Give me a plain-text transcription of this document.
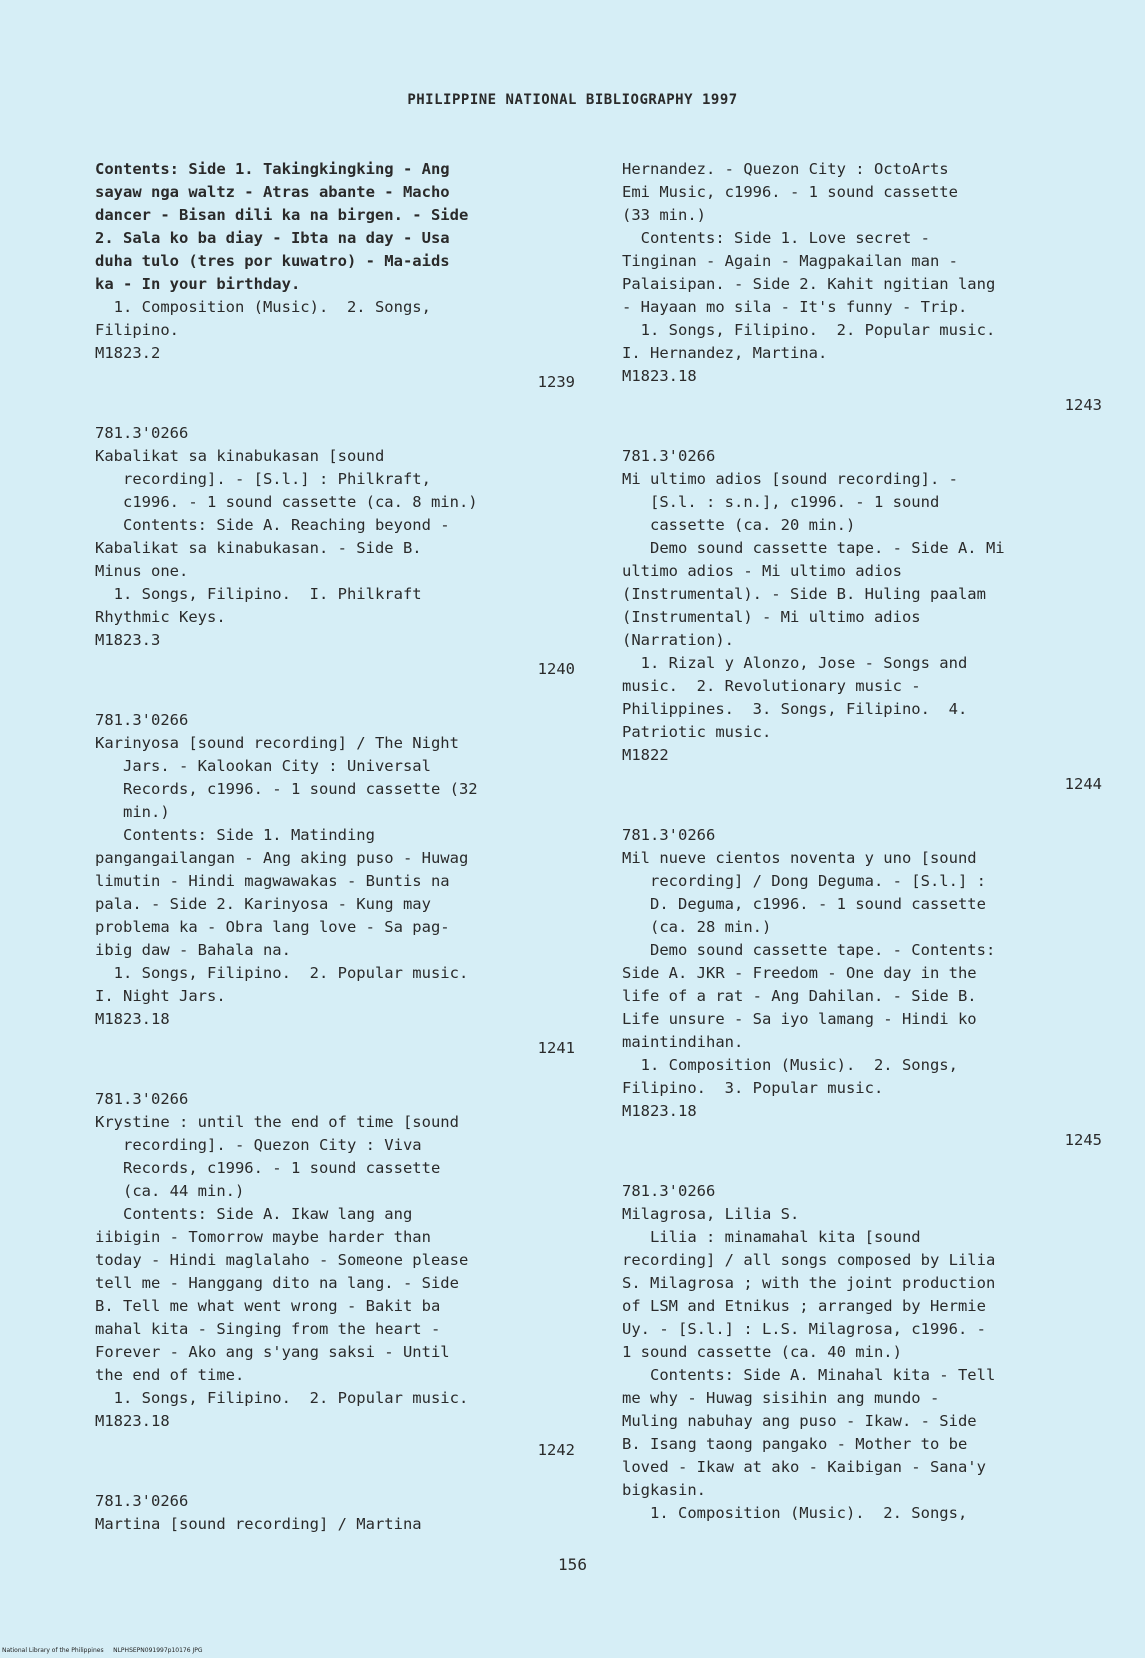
PHILIPPINE NATIONAL BIBLIOGRAPHY 1997
Contents: Side 1. Takingkingking - Ang
sayaw nga waltz - Atras abante - Macho
dancer - Bisan dili ka na birgen. - Side
2. Sala ko ba diay - Ibta na day - Usa
duha tulo (tres por kuwatro) - Ma-aids
ka - In your birthday.
1. Composition (Music).  2. Songs,
Filipino.
M1823.2
1239
781.3'0266
Kabalikat sa kinabukasan [sound
recording]. - [S.l.] : Philkraft,
c1996. - 1 sound cassette (ca. 8 min.)
Contents: Side A. Reaching beyond -
Kabalikat sa kinabukasan. - Side B.
Minus one.
1. Songs, Filipino.  I. Philkraft
Rhythmic Keys.
M1823.3
1240
781.3'0266
Karinyosa [sound recording] / The Night
Jars. - Kalookan City : Universal
Records, c1996. - 1 sound cassette (32
min.)
Contents: Side 1. Matinding
pangangailangan - Ang aking puso - Huwag
limutin - Hindi magwawakas - Buntis na
pala. - Side 2. Karinyosa - Kung may
problema ka - Obra lang love - Sa pag-
ibig daw - Bahala na.
1. Songs, Filipino.  2. Popular music.
I. Night Jars.
M1823.18
1241
781.3'0266
Krystine : until the end of time [sound
recording]. - Quezon City : Viva
Records, c1996. - 1 sound cassette
(ca. 44 min.)
Contents: Side A. Ikaw lang ang
iibigin - Tomorrow maybe harder than
today - Hindi maglalaho - Someone please
tell me - Hanggang dito na lang. - Side
B. Tell me what went wrong - Bakit ba
mahal kita - Singing from the heart -
Forever - Ako ang s'yang saksi - Until
the end of time.
1. Songs, Filipino.  2. Popular music.
M1823.18
1242
781.3'0266
Martina [sound recording] / Martina
Hernandez. - Quezon City : OctoArts
Emi Music, c1996. - 1 sound cassette
(33 min.)
Contents: Side 1. Love secret -
Tinginan - Again - Magpakailan man -
Palaisipan. - Side 2. Kahit ngitian lang
- Hayaan mo sila - It's funny - Trip.
1. Songs, Filipino.  2. Popular music.
I. Hernandez, Martina.
M1823.18
1243
781.3'0266
Mi ultimo adios [sound recording]. -
[S.l. : s.n.], c1996. - 1 sound
cassette (ca. 20 min.)
Demo sound cassette tape. - Side A. Mi
ultimo adios - Mi ultimo adios
(Instrumental). - Side B. Huling paalam
(Instrumental) - Mi ultimo adios
(Narration).
1. Rizal y Alonzo, Jose - Songs and
music.  2. Revolutionary music -
Philippines.  3. Songs, Filipino.  4.
Patriotic music.
M1822
1244
781.3'0266
Mil nueve cientos noventa y uno [sound
recording] / Dong Deguma. - [S.l.] :
D. Deguma, c1996. - 1 sound cassette
(ca. 28 min.)
Demo sound cassette tape. - Contents:
Side A. JKR - Freedom - One day in the
life of a rat - Ang Dahilan. - Side B.
Life unsure - Sa iyo lamang - Hindi ko
maintindihan.
1. Composition (Music).  2. Songs,
Filipino.  3. Popular music.
M1823.18
1245
781.3'0266
Milagrosa, Lilia S.
Lilia : minamahal kita [sound
recording] / all songs composed by Lilia
S. Milagrosa ; with the joint production
of LSM and Etnikus ; arranged by Hermie
Uy. - [S.l.] : L.S. Milagrosa, c1996. -
1 sound cassette (ca. 40 min.)
Contents: Side A. Minahal kita - Tell
me why - Huwag sisihin ang mundo -
Muling nabuhay ang puso - Ikaw. - Side
B. Isang taong pangako - Mother to be
loved - Ikaw at ako - Kaibigan - Sana'y
bigkasin.
1. Composition (Music).  2. Songs,
156
National Library of the Philippines     NLPHSEPN091997p10176 JPG
